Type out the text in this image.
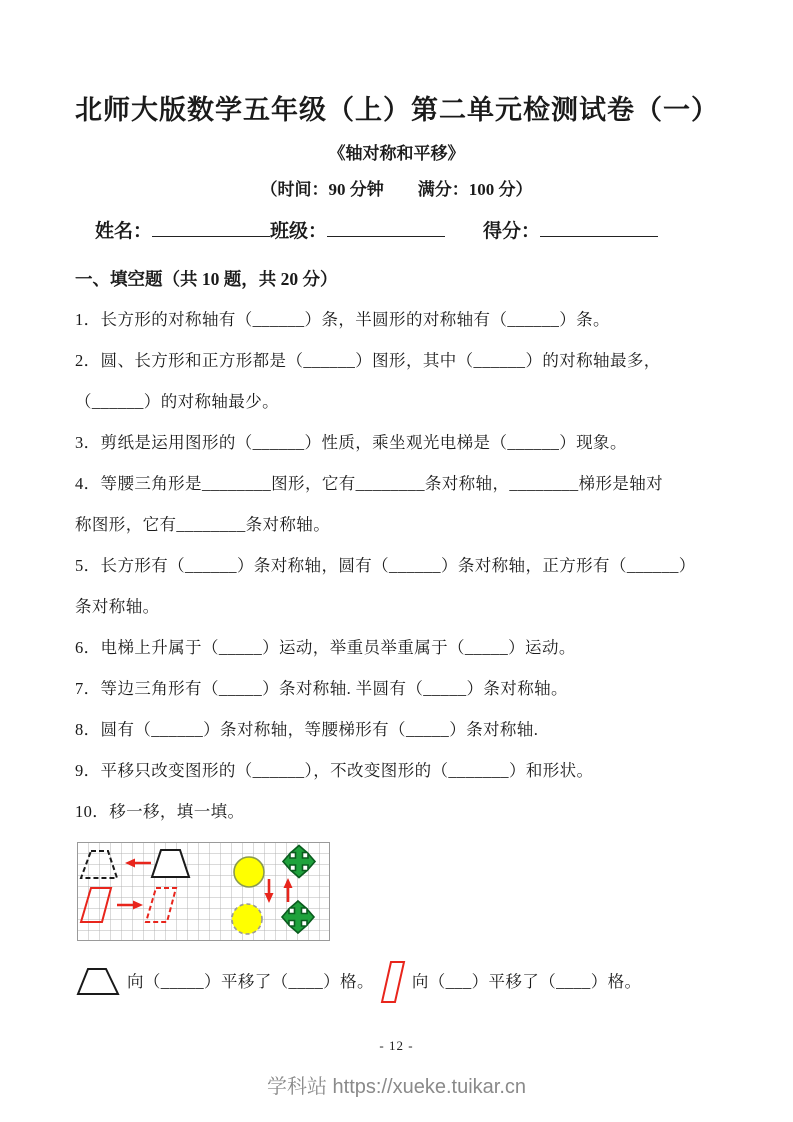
北师大版数学五年级（上）第二单元检测试卷（一）
《轴对称和平移》
（时间：90 分钟        满分：100 分）
姓名：	班级：	得分：
一、填空题（共 10 题，共 20 分）

1．长方形的对称轴有（______）条，半圆形的对称轴有（______）条。

2．圆、长方形和正方形都是（______）图形，其中（______）的对称轴最多，

（______）的对称轴最少。

3．剪纸是运用图形的（______）性质，乘坐观光电梯是（______）现象。

4．等腰三角形是________图形，它有________条对称轴，________梯形是轴对

称图形，它有________条对称轴。

5．长方形有（______）条对称轴，圆有（______）条对称轴，正方形有（______）

条对称轴。

6．电梯上升属于（_____）运动，举重员举重属于（_____）运动。

7．等边三角形有（_____）条对称轴. 半圆有（_____）条对称轴。

8．圆有（______）条对称轴，等腰梯形有（_____）条对称轴.

9．平移只改变图形的（______），不改变图形的（_______）和形状。

10．移一移，填一填。

向（_____）平移了（____）格。 向（___）平移了（____）格。
- 12 -
学科站 https://xueke.tuikar.cn
